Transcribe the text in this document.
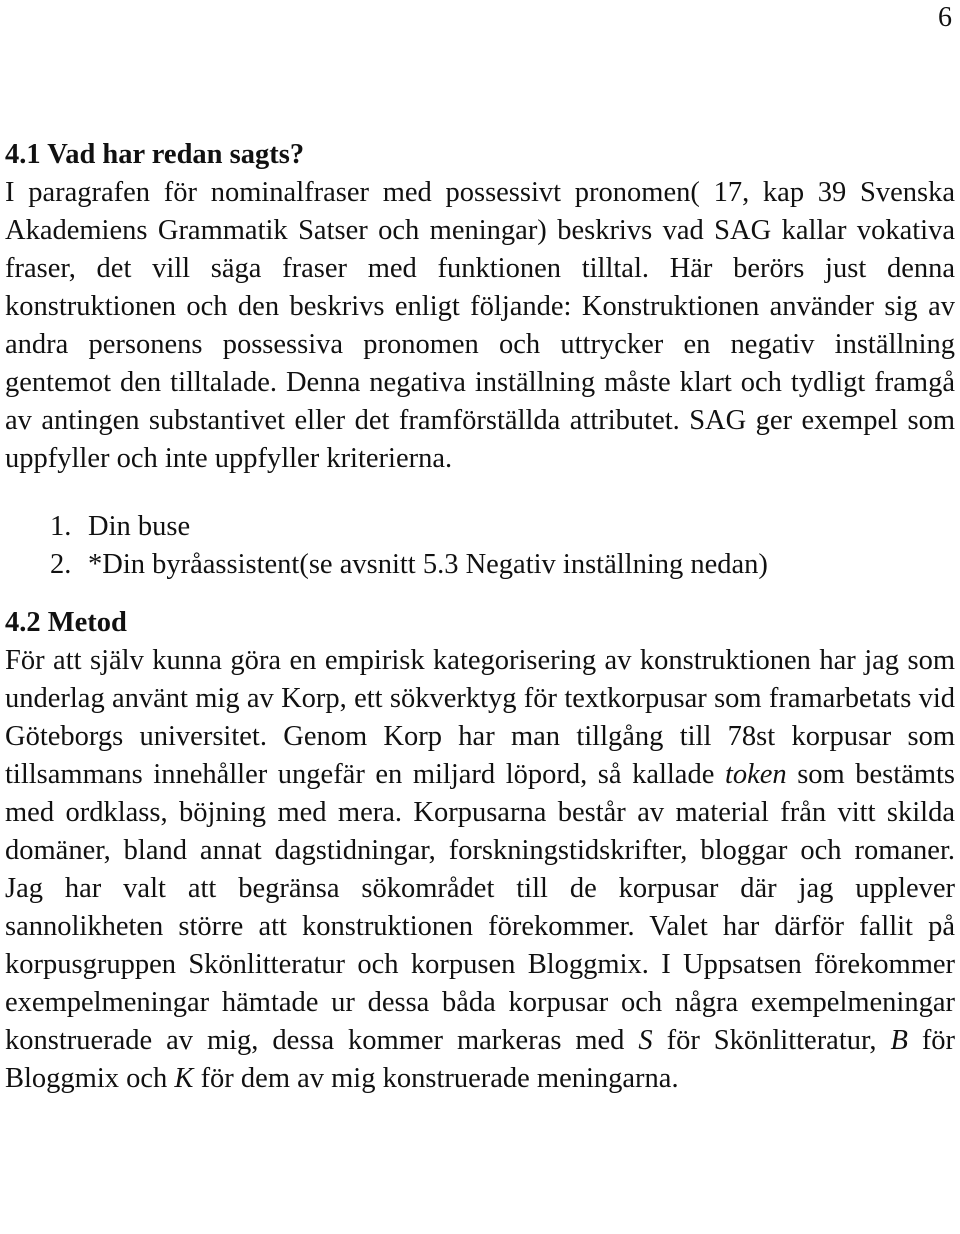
6
4.1 Vad har redan sagts?

I paragrafen för nominalfraser med possessivt pronomen( 17, kap 39 Svenska Akademiens Grammatik Satser och meningar) beskrivs vad SAG kallar vokativa fraser, det vill säga fraser med funktionen tilltal. Här berörs just denna konstruktionen och den beskrivs enligt följande: Konstruktionen använder sig av andra personens possessiva pronomen och uttrycker en negativ inställning gentemot den tilltalade. Denna negativa inställning måste klart och tydligt framgå av antingen substantivet eller det framförställda attributet. SAG ger exempel som uppfyller och inte uppfyller kriterierna.

1. Din buse
2. *Din byråassistent(se avsnitt 5.3 Negativ inställning nedan)
4.2 Metod

För att själv kunna göra en empirisk kategorisering av konstruktionen har jag som underlag använt mig av Korp, ett sökverktyg för textkorpusar som framarbetats vid Göteborgs universitet. Genom Korp har man tillgång till 78st korpusar som tillsammans innehåller ungefär en miljard löpord, så kallade token som bestämts med ordklass, böjning med mera. Korpusarna består av material från vitt skilda domäner, bland annat dagstidningar, forskningstidskrifter, bloggar och romaner. Jag har valt att begränsa sökområdet till de korpusar där jag upplever sannolikheten större att konstruktionen förekommer. Valet har därför fallit på korpusgruppen Skönlitteratur och korpusen Bloggmix. I Uppsatsen förekommer exempelmeningar hämtade ur dessa båda korpusar och några exempelmeningar konstruerade av mig, dessa kommer markeras med S för Skönlitteratur, B för Bloggmix och K för dem av mig konstruerade meningarna.
